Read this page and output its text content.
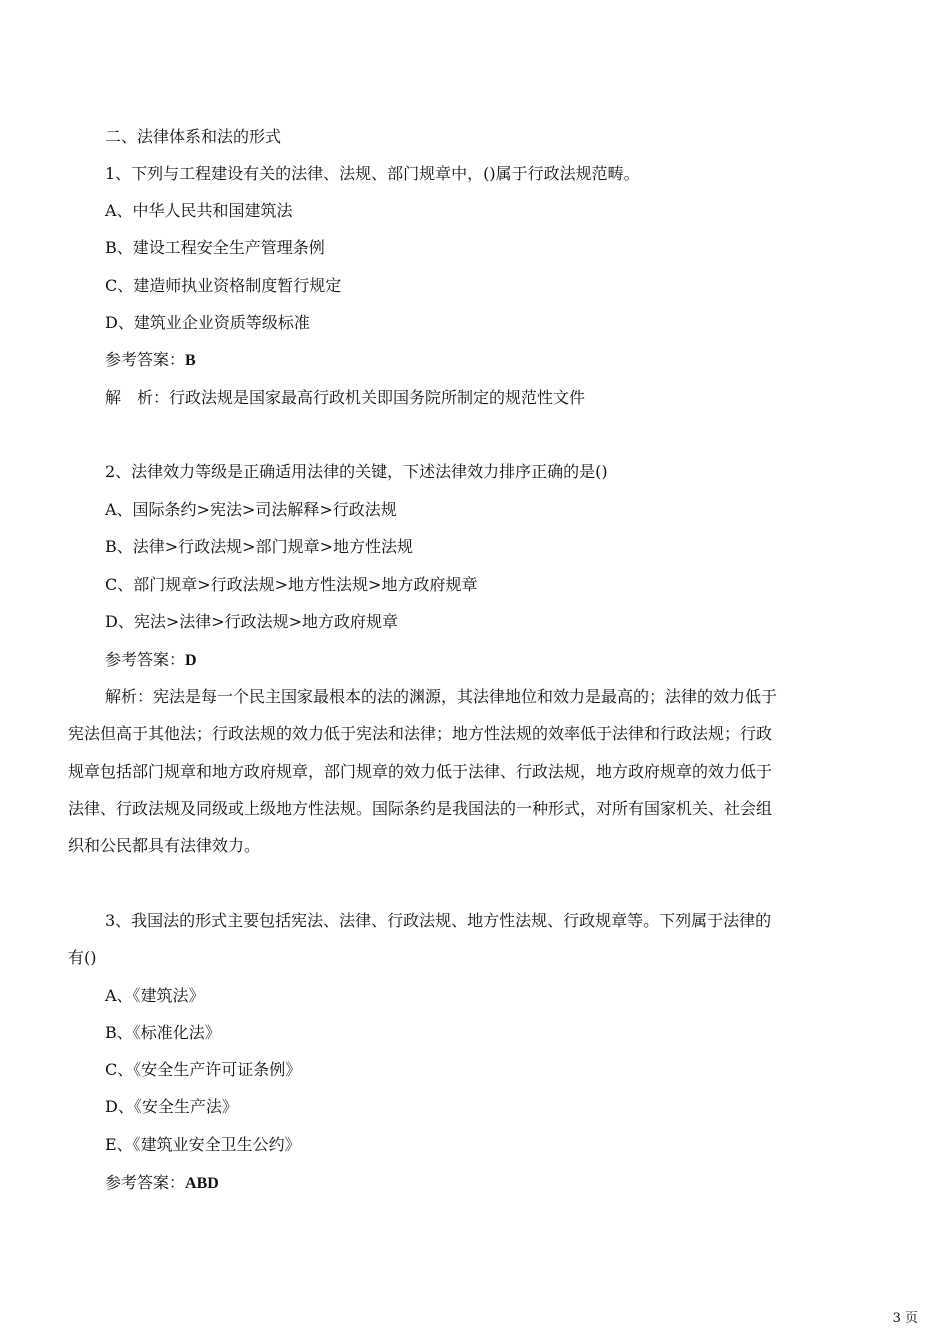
二、法律体系和法的形式
1、下列与工程建设有关的法律、法规、部门规章中，()属于行政法规范畴。
A、中华人民共和国建筑法
B、建设工程安全生产管理条例
C、建造师执业资格制度暂行规定
D、建筑业企业资质等级标准
参考答案：B
解　析：行政法规是国家最高行政机关即国务院所制定的规范性文件
2、法律效力等级是正确适用法律的关键，下述法律效力排序正确的是()
A、国际条约>宪法>司法解释>行政法规
B、法律>行政法规>部门规章>地方性法规
C、部门规章>行政法规>地方性法规>地方政府规章
D、宪法>法律>行政法规>地方政府规章
参考答案：D
解析：宪法是每一个民主国家最根本的法的渊源，其法律地位和效力是最高的；法律的效力低于
宪法但高于其他法；行政法规的效力低于宪法和法律；地方性法规的效率低于法律和行政法规；行政
规章包括部门规章和地方政府规章，部门规章的效力低于法律、行政法规，地方政府规章的效力低于
法律、行政法规及同级或上级地方性法规。国际条约是我国法的一种形式，对所有国家机关、社会组
织和公民都具有法律效力。
3、我国法的形式主要包括宪法、法律、行政法规、地方性法规、行政规章等。下列属于法律的
有()
A、《建筑法》
B、《标准化法》
C、《安全生产许可证条例》
D、《安全生产法》
E、《建筑业安全卫生公约》
参考答案：ABD
3 页
